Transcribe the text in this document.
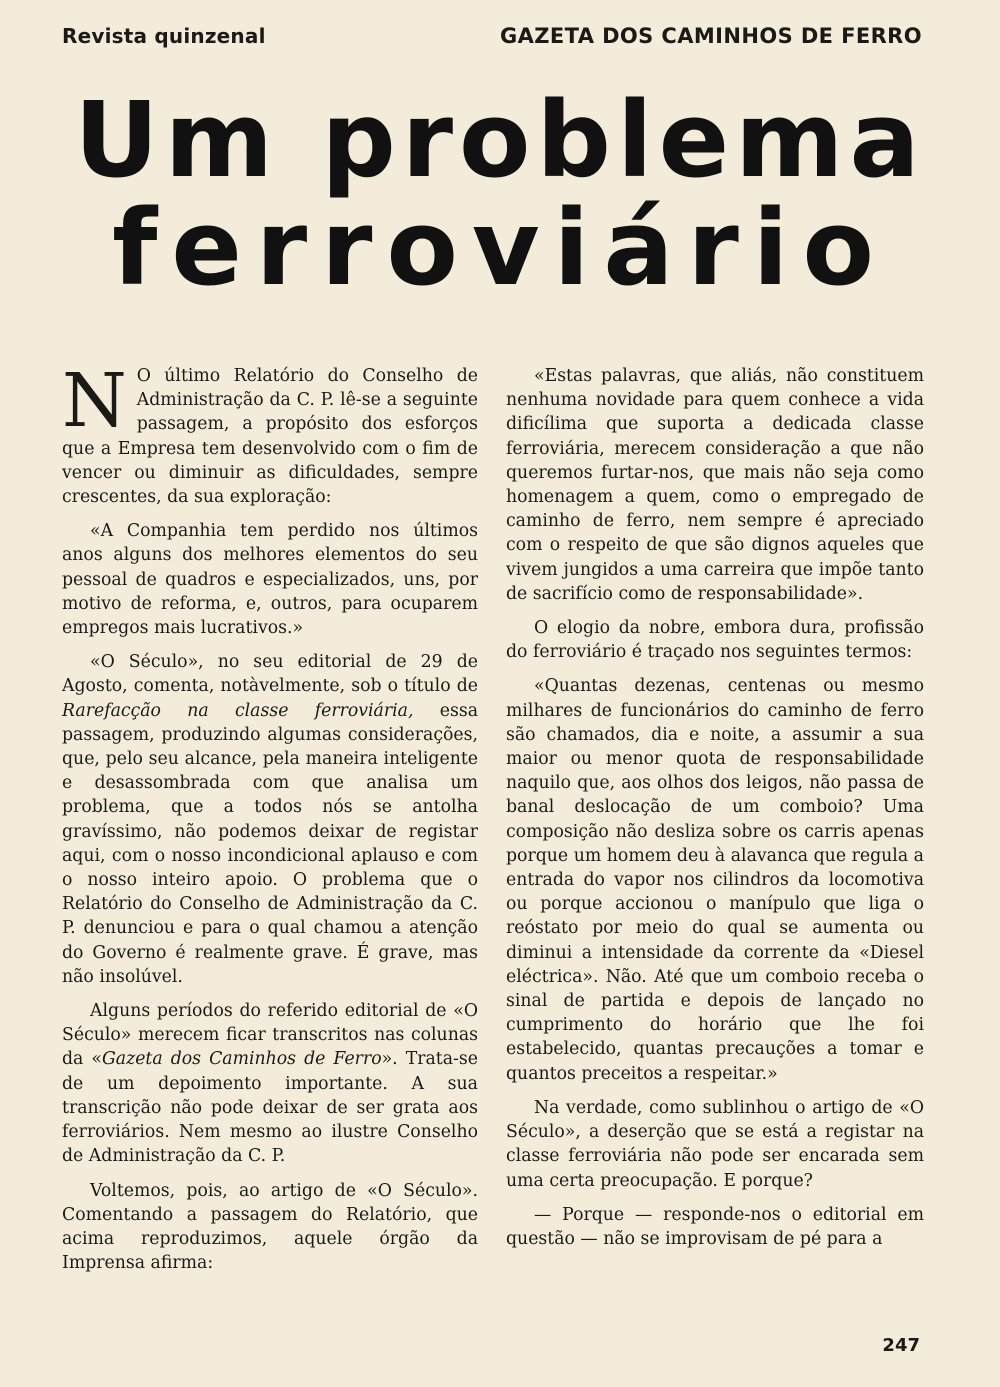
Revista quinzenal	GAZETA DOS CAMINHOS DE FERRO
Um problema
ferroviário

N O último Relatório do Conselho de Administração da C. P. lê-se a seguinte passagem, a propósito dos esforços que a Empresa tem desenvolvido com o fim de vencer ou diminuir as dificuldades, sempre crescentes, da sua exploração:

«A Companhia tem perdido nos últimos anos alguns dos melhores elementos do seu pessoal de quadros e especializados, uns, por motivo de reforma, e, outros, para ocuparem empregos mais lucrativos.»

«O Século», no seu editorial de 29 de Agosto, comenta, notàvelmente, sob o título de Rarefacção na classe ferroviária, essa passagem, produzindo algumas considerações, que, pelo seu alcance, pela maneira inteligente e desassombrada com que analisa um problema, que a todos nós se antolha gravíssimo, não podemos deixar de registar aqui, com o nosso incondicional aplauso e com o nosso inteiro apoio. O problema que o Relatório do Conselho de Administração da C. P. denunciou e para o qual chamou a atenção do Governo é realmente grave. É grave, mas não insolúvel.

Alguns períodos do referido editorial de «O Século» merecem ficar transcritos nas colunas da «Gazeta dos Caminhos de Ferro». Trata-se de um depoimento importante. A sua transcrição não pode deixar de ser grata aos ferroviários. Nem mesmo ao ilustre Conselho de Administração da C. P.

Voltemos, pois, ao artigo de «O Século». Comentando a passagem do Relatório, que acima reproduzimos, aquele órgão da Imprensa afirma:

«Estas palavras, que aliás, não constituem nenhuma novidade para quem conhece a vida dificílima que suporta a dedicada classe ferroviária, merecem consideração a que não queremos furtar-nos, que mais não seja como homenagem a quem, como o empregado de caminho de ferro, nem sempre é apreciado com o respeito de que são dignos aqueles que vivem jungidos a uma carreira que impõe tanto de sacrifício como de responsabilidade».

O elogio da nobre, embora dura, profissão do ferroviário é traçado nos seguintes termos:

«Quantas dezenas, centenas ou mesmo milhares de funcionários do caminho de ferro são chamados, dia e noite, a assumir a sua maior ou menor quota de responsabilidade naquilo que, aos olhos dos leigos, não passa de banal deslocação de um comboio? Uma composição não desliza sobre os carris apenas porque um homem deu à alavanca que regula a entrada do vapor nos cilindros da locomotiva ou porque accionou o manípulo que liga o reóstato por meio do qual se aumenta ou diminui a intensidade da corrente da «Diesel eléctrica». Não. Até que um comboio receba o sinal de partida e depois de lançado no cumprimento do horário que lhe foi estabelecido, quantas precauções a tomar e quantos preceitos a respeitar.»

Na verdade, como sublinhou o artigo de «O Século», a deserção que se está a registar na classe ferroviária não pode ser encarada sem uma certa preocupação. E porque?

— Porque — responde-nos o editorial em questão — não se improvisam de pé para a

247
